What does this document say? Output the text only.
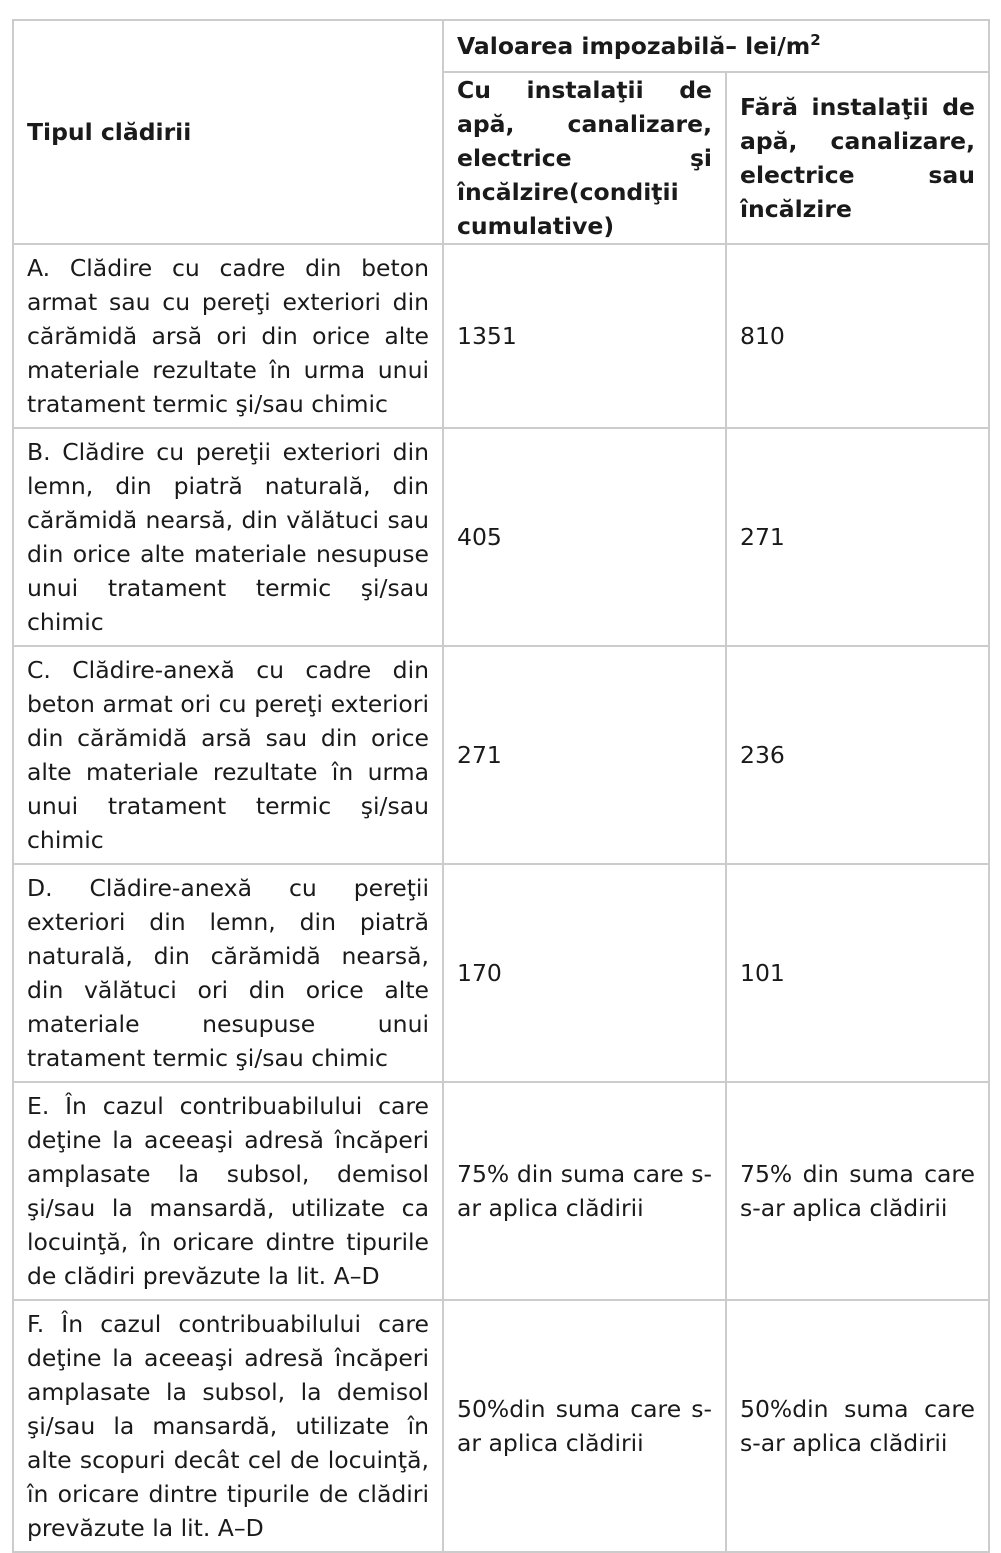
Tipul clădirii	Valoarea impozabilă– lei/$m^2$
	Cu instalaţii de apă, canalizare, electrice şi încălzire(condiţii cumulative)	Fără instalaţii de apă, canalizare, electrice sau încălzire
A. Clădire cu cadre din beton armat sau cu pereţi exteriori din cărămidă arsă ori din orice alte materiale rezultate în urma unui tratament termic şi/sau chimic	1351	810
B. Clădire cu pereţii exteriori din lemn, din piatră naturală, din cărămidă nearsă, din vălătuci sau din orice alte materiale nesupuse unui tratament termic şi/sau chimic	405	271
C. Clădire-anexă cu cadre din beton armat ori cu pereţi exteriori din cărămidă arsă sau din orice alte materiale rezultate în urma unui tratament termic şi/sau chimic	271	236
D. Clădire-anexă cu pereţii exteriori din lemn, din piatră naturală, din cărămidă nearsă, din vălătuci ori din orice alte materiale nesupuse unui tratament termic şi/sau chimic	170	101
E. În cazul contribuabilului care deţine la aceeaşi adresă încăperi amplasate la subsol, demisol şi/sau la mansardă, utilizate ca locuinţă, în oricare dintre tipurile de clădiri prevăzute la lit. A–D	75% din suma care s-ar aplica clădirii	75% din suma care s-ar aplica clădirii
F. În cazul contribuabilului care deţine la aceeaşi adresă încăperi amplasate la subsol, la demisol şi/sau la mansardă, utilizate în alte scopuri decât cel de locuinţă, în oricare dintre tipurile de clădiri prevăzute la lit. A–D	50%din suma care s-ar aplica clădirii	50%din suma care s-ar aplica clădirii
